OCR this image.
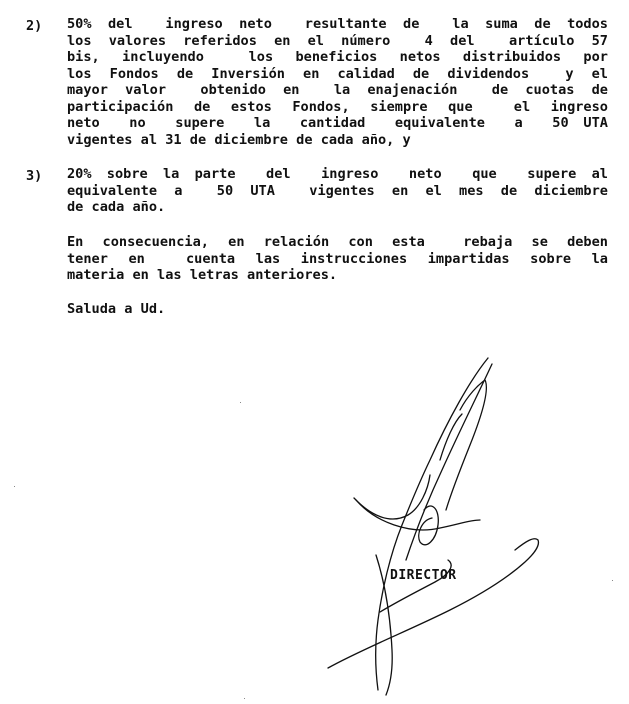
2) 50% del  ingreso neto  resultante de  la suma de todos
los valores referidos en el número  4 del  artículo 57
bis, incluyendo  los beneficios netos distribuidos por
los Fondos de Inversión en calidad de dividendos  y el
mayor valor  obtenido en  la enajenación  de cuotas de
participación de estos Fondos, siempre que  el ingreso
neto  no  supere  la  cantidad  equivalente  a  50 UTA
vigentes al 31 de diciembre de cada año, y
3) 20% sobre la parte  del  ingreso  neto  que  supere al
equivalente a  50 UTA  vigentes en el mes de diciembre
de cada año.
En consecuencia, en relación con esta  rebaja se deben
tener en  cuenta las instrucciones impartidas sobre la
materia en las letras anteriores.
Saluda a Ud.
DIRECTOR
